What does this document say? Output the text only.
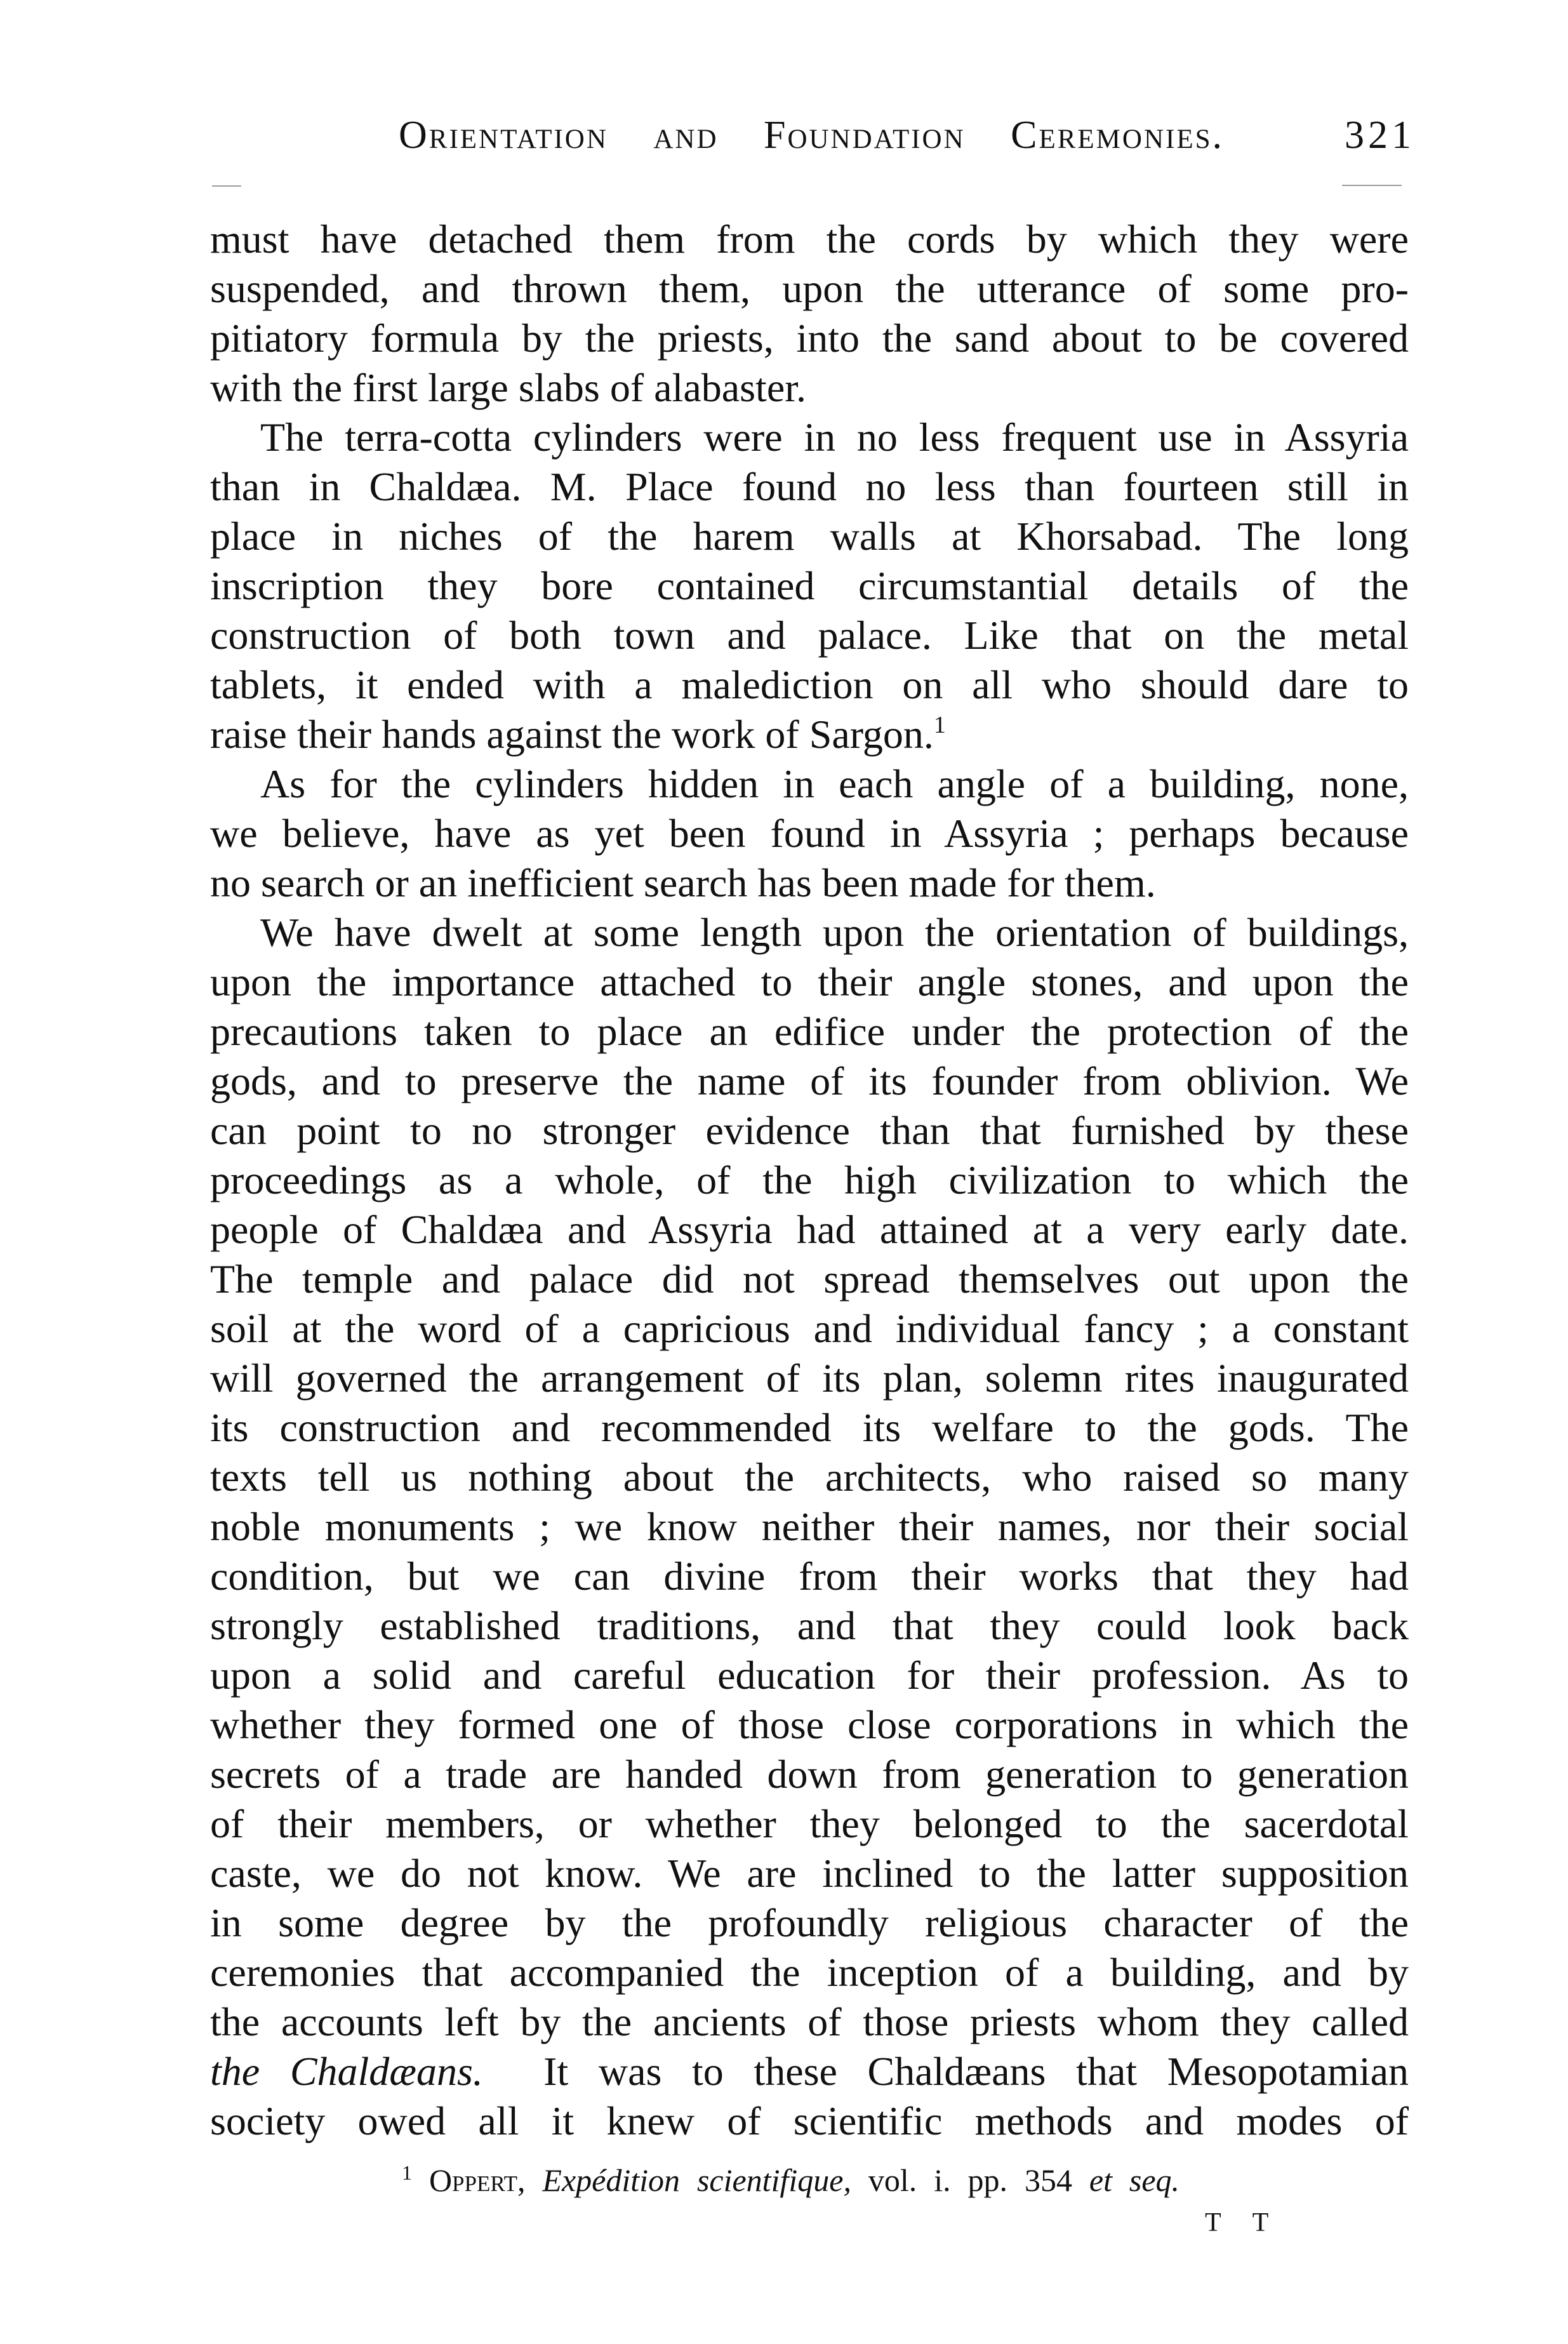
Orientation and Foundation Ceremonies.	321
must have detached them from the cords by which they were
suspended, and thrown them, upon the utterance of some pro-
pitiatory formula by the priests, into the sand about to be covered
with the first large slabs of alabaster.
The terra-cotta cylinders were in no less frequent use in Assyria
than in Chaldæa. M. Place found no less than fourteen still in
place in niches of the harem walls at Khorsabad. The long
inscription they bore contained circumstantial details of the
construction of both town and palace. Like that on the metal
tablets, it ended with a malediction on all who should dare to
raise their hands against the work of Sargon.$^1$
As for the cylinders hidden in each angle of a building, none,
we believe, have as yet been found in Assyria ; perhaps because
no search or an inefficient search has been made for them.
We have dwelt at some length upon the orientation of buildings,
upon the importance attached to their angle stones, and upon the
precautions taken to place an edifice under the protection of the
gods, and to preserve the name of its founder from oblivion. We
can point to no stronger evidence than that furnished by these
proceedings as a whole, of the high civilization to which the
people of Chaldæa and Assyria had attained at a very early date.
The temple and palace did not spread themselves out upon the
soil at the word of a capricious and individual fancy ; a constant
will governed the arrangement of its plan, solemn rites inaugurated
its construction and recommended its welfare to the gods. The
texts tell us nothing about the architects, who raised so many
noble monuments ; we know neither their names, nor their social
condition, but we can divine from their works that they had
strongly established traditions, and that they could look back
upon a solid and careful education for their profession. As to
whether they formed one of those close corporations in which the
secrets of a trade are handed down from generation to generation
of their members, or whether they belonged to the sacerdotal
caste, we do not know. We are inclined to the latter supposition
in some degree by the profoundly religious character of the
ceremonies that accompanied the inception of a building, and by
the accounts left by the ancients of those priests whom they called
the Chaldæans.  It was to these Chaldæans that Mesopotamian
society owed all it knew of scientific methods and modes of
$^1$ Oppert, Expédition scientifique, vol. i. pp. 354 et seq.
T T
